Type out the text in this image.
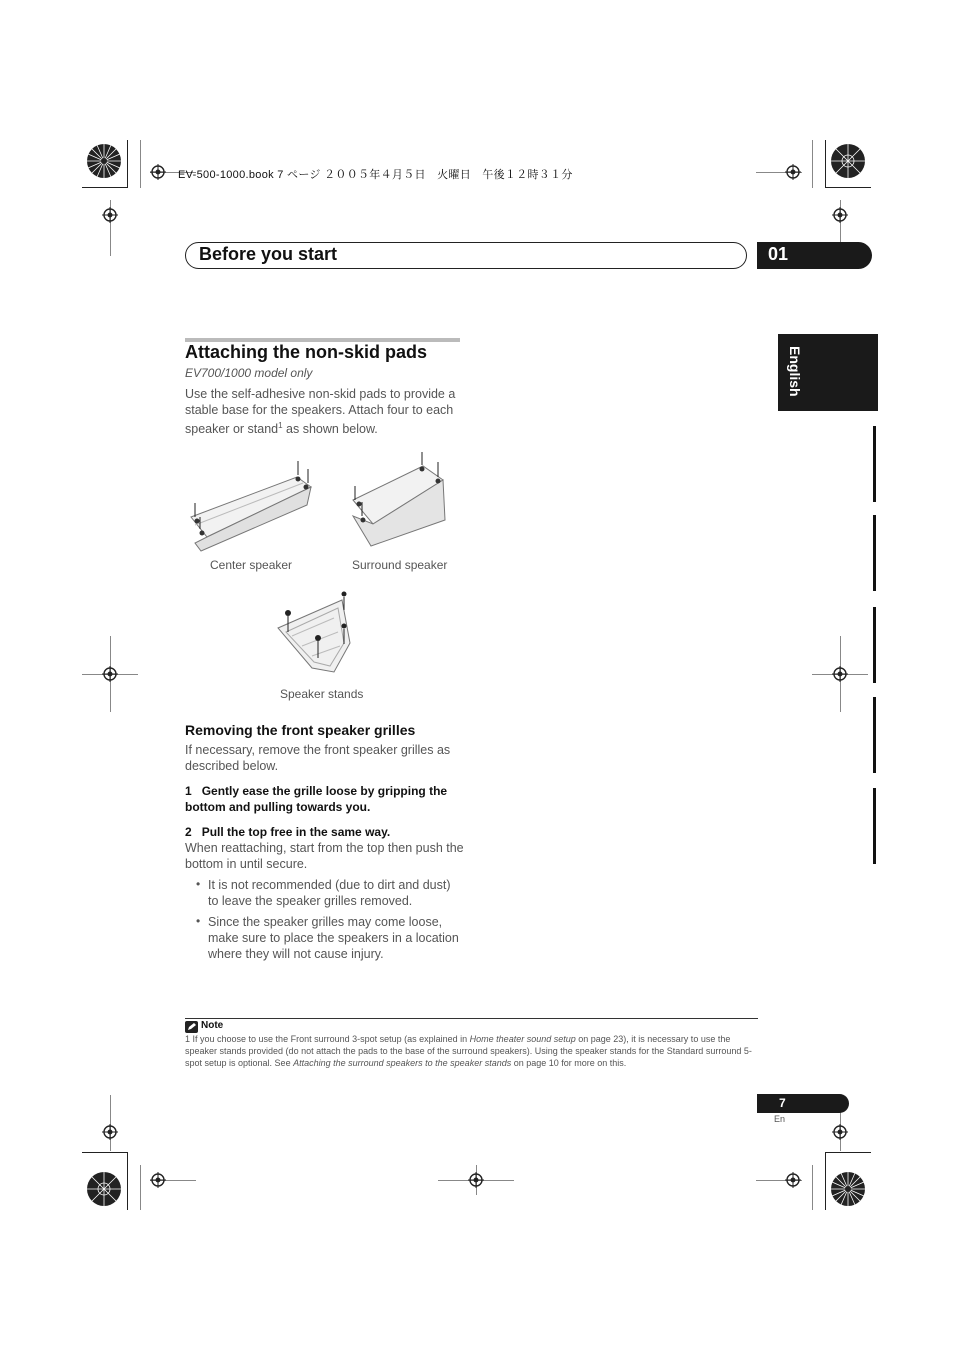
EV-500-1000.book 7 ページ ２００５年４月５日　火曜日　午後１２時３１分
Before you start	01
English
Attaching the non-skid pads
EV700/1000 model only
Use the self-adhesive non-skid pads to provide a stable base for the speakers. Attach four to each speaker or stand$^1$ as shown below.
Center speaker	Surround speaker
Speaker stands
Removing the front speaker grilles
If necessary, remove the front speaker grilles as described below.
1 Gently ease the grille loose by gripping the bottom and pulling towards you.
2 Pull the top free in the same way.
When reattaching, start from the top then push the bottom in until secure.
• It is not recommended (due to dirt and dust) to leave the speaker grilles removed.
• Since the speaker grilles may come loose, make sure to place the speakers in a location where they will not cause injury.
Note
1 If you choose to use the Front surround 3-spot setup (as explained in Home theater sound setup on page 23), it is necessary to use the speaker stands provided (do not attach the pads to the base of the surround speakers). Using the speaker stands for the Standard surround 5-spot setup is optional. See Attaching the surround speakers to the speaker stands on page 10 for more on this.
7
En
